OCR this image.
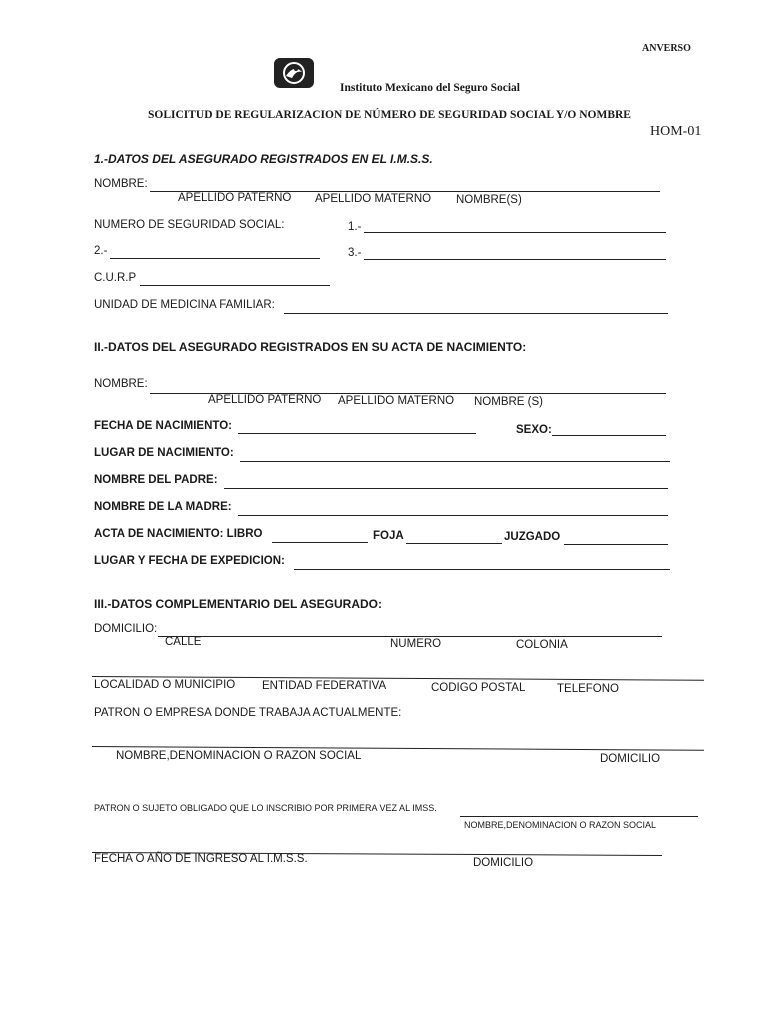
ANVERSO
Instituto Mexicano del Seguro Social
SOLICITUD DE REGULARIZACION DE NÚMERO DE SEGURIDAD SOCIAL Y/O NOMBRE
HOM-01
1.-DATOS DEL ASEGURADO REGISTRADOS EN EL I.M.S.S.
NOMBRE:
APELLIDO PATERNO APELLIDO MATERNO NOMBRE(S)
NUMERO DE SEGURIDAD SOCIAL:	1.-
2.-	3.-
C.U.R.P
UNIDAD DE MEDICINA FAMILIAR:
II.-DATOS DEL ASEGURADO REGISTRADOS EN SU ACTA DE NACIMIENTO:
NOMBRE:
APELLIDO PATERNO APELLIDO MATERNO NOMBRE (S)
FECHA DE NACIMIENTO:	SEXO:
LUGAR DE NACIMIENTO:
NOMBRE DEL PADRE:
NOMBRE DE LA MADRE:
ACTA DE NACIMIENTO: LIBRO	FOJA	JUZGADO
LUGAR Y FECHA DE EXPEDICION:
III.-DATOS COMPLEMENTARIO DEL ASEGURADO:
DOMICILIO:
CALLE	NUMERO	COLONIA
LOCALIDAD O MUNICIPIO ENTIDAD FEDERATIVA	CODIGO POSTAL	TELEFONO
PATRON O EMPRESA DONDE TRABAJA ACTUALMENTE:
NOMBRE,DENOMINACION O RAZON SOCIAL	DOMICILIO
PATRON O SUJETO OBLIGADO QUE LO INSCRIBIO POR PRIMERA VEZ AL IMSS.
NOMBRE,DENOMINACION O RAZON SOCIAL
FECHA O AÑO DE INGRESO AL I.M.S.S.	DOMICILIO
